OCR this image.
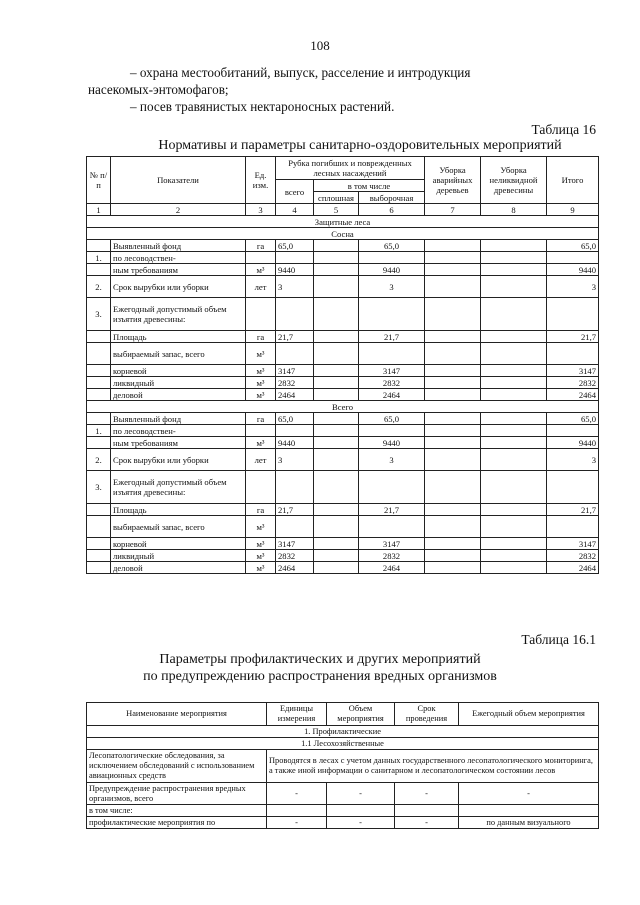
108
– охрана местообитаний, выпуск, расселение и интродукция
насекомых-энтомофагов;
– посев травянистых нектароносных растений.
Таблица 16
Нормативы и параметры санитарно-оздоровительных мероприятий
№ п/п	Показатели	Ед. изм.	Рубка погибших и поврежденных лесных насаждений			Уборка аварийных деревьев	Уборка неликвидной древесины	Итого
			всего	в том числе				
				сплошная	выборочная			
1	2	3	4	5	6	7	8	9
Защитные леса								
Сосна								
	Выявленный фонд	га	65,0		65,0			65,0
1.	по лесоводствен-							
	ным требованиям	м³	9440		9440			9440
2.	Срок вырубки или уборки	лет	3		3			3
3.	Ежегодный допустимый объем изъятия древесины:							
	Площадь	га	21,7		21,7			21,7
	выбираемый запас, всего	м³						
	корневой	м³	3147		3147			3147
	ликвидный	м³	2832		2832			2832
	деловой	м³	2464		2464			2464
Всего								
	Выявленный фонд	га	65,0		65,0			65,0
1.	по лесоводствен-							
	ным требованиям	м³	9440		9440			9440
2.	Срок вырубки или уборки	лет	3		3			3
3.	Ежегодный допустимый объем изъятия древесины:							
	Площадь	га	21,7		21,7			21,7
	выбираемый запас, всего	м³						
	корневой	м³	3147		3147			3147
	ликвидный	м³	2832		2832			2832
	деловой	м³	2464		2464			2464
Таблица 16.1
Параметры профилактических и других мероприятий
по предупреждению распространения вредных организмов
Наименование мероприятия	Единицы измерения	Объем мероприятия	Срок проведения	Ежегодный объем мероприятия
1. Профилактические				
1.1 Лесохозяйственные				
Лесопатологические обследования, за исключением обследований с использованием авиационных средств	Проводятся в лесах с учетом данных государственного лесопатологического мониторинга, а также иной информации о санитарном и лесопатологическом состоянии лесов			
Предупреждение распространения вредных организмов, всего	-	-	-	-
в том числе:				
профилактические мероприятия по	-	-	-	по данным визуального
